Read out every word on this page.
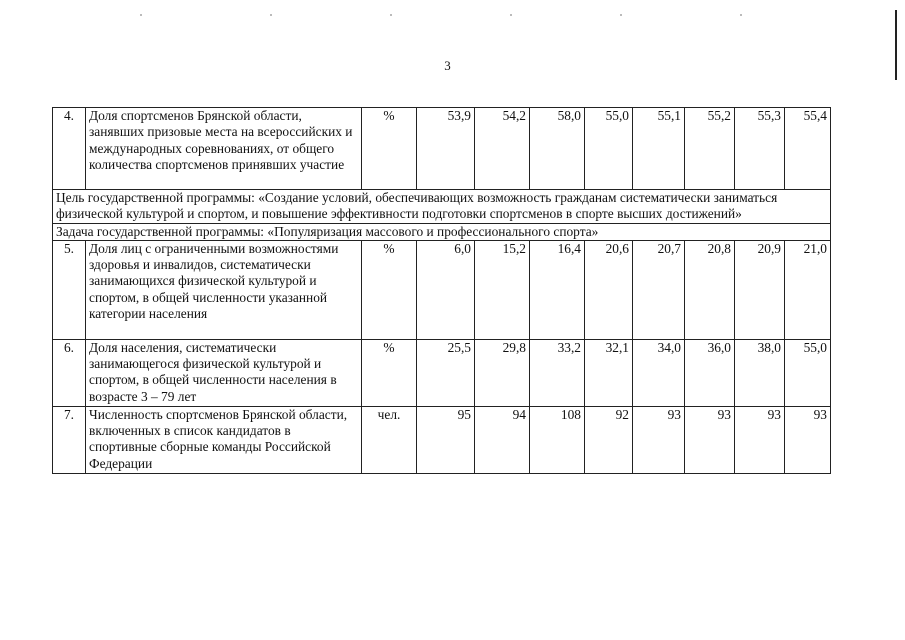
3
4.	Доля спортсменов Брянской области, занявших призовые места на всероссийских и международных соревнованиях, от общего количества спортсменов принявших участие	%	53,9	54,2	58,0	55,0	55,1	55,2	55,3	55,4
Цель государственной программы: «Создание условий, обеспечивающих возможность гражданам систематически заниматься физической культурой и спортом, и повышение эффективности подготовки спортсменов в спорте высших достижений»										
Задача государственной программы: «Популяризация массового и профессионального спорта»										
5.	Доля лиц с ограниченными возможностями здоровья и инвалидов, систематически занимающихся физической культурой и спортом, в общей численности указанной категории населения	%	6,0	15,2	16,4	20,6	20,7	20,8	20,9	21,0
6.	Доля населения, систематически занимающегося физической культурой и спортом, в общей численности населения в возрасте 3 – 79 лет	%	25,5	29,8	33,2	32,1	34,0	36,0	38,0	55,0
7.	Численность спортсменов Брянской области, включенных в список кандидатов в спортивные сборные команды Российской Федерации	чел.	95	94	108	92	93	93	93	93
